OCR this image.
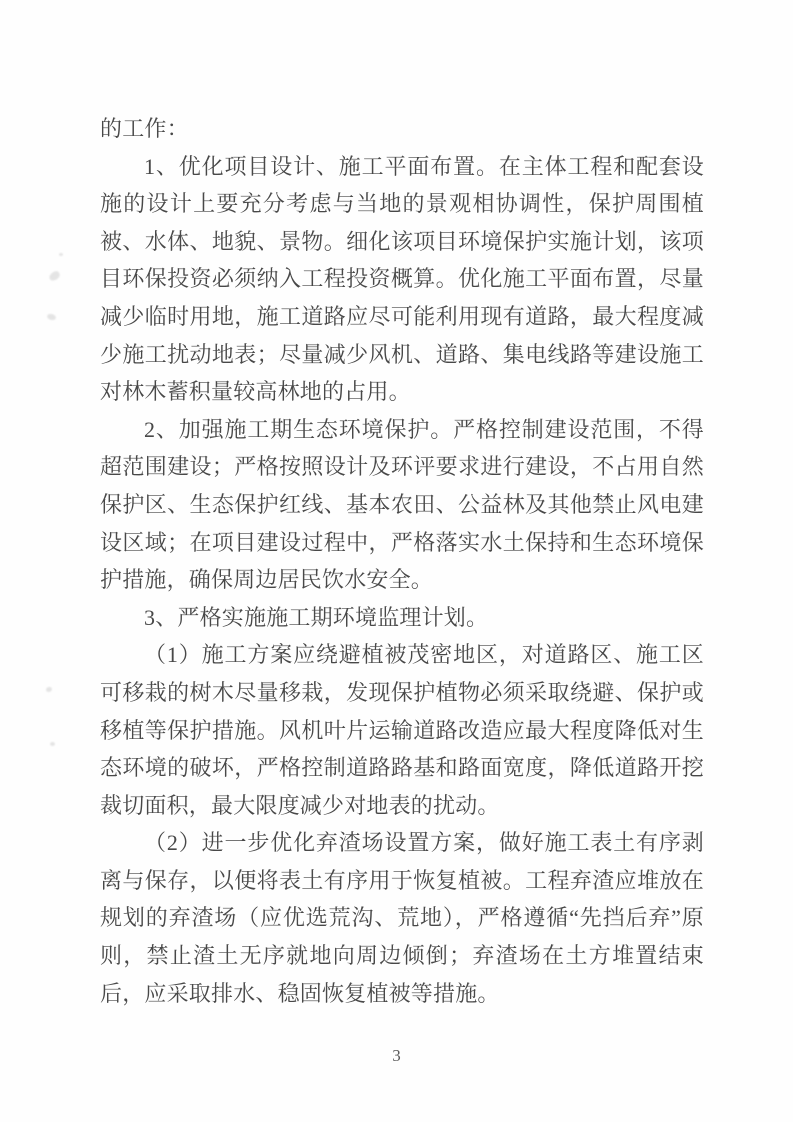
的工作：

1、优化项目设计、施工平面布置。在主体工程和配套设施的设计上要充分考虑与当地的景观相协调性，保护周围植被、水体、地貌、景物。细化该项目环境保护实施计划，该项目环保投资必须纳入工程投资概算。优化施工平面布置，尽量减少临时用地，施工道路应尽可能利用现有道路，最大程度减少施工扰动地表；尽量减少风机、道路、集电线路等建设施工对林木蓄积量较高林地的占用。

2、加强施工期生态环境保护。严格控制建设范围，不得超范围建设；严格按照设计及环评要求进行建设，不占用自然保护区、生态保护红线、基本农田、公益林及其他禁止风电建设区域；在项目建设过程中，严格落实水土保持和生态环境保护措施，确保周边居民饮水安全。

3、严格实施施工期环境监理计划。

（1）施工方案应绕避植被茂密地区，对道路区、施工区可移栽的树木尽量移栽，发现保护植物必须采取绕避、保护或移植等保护措施。风机叶片运输道路改造应最大程度降低对生态环境的破坏，严格控制道路路基和路面宽度，降低道路开挖裁切面积，最大限度减少对地表的扰动。

（2）进一步优化弃渣场设置方案，做好施工表土有序剥离与保存，以便将表土有序用于恢复植被。工程弃渣应堆放在规划的弃渣场（应优选荒沟、荒地），严格遵循“先挡后弃”原则，禁止渣土无序就地向周边倾倒；弃渣场在土方堆置结束后，应采取排水、稳固恢复植被等措施。

3
